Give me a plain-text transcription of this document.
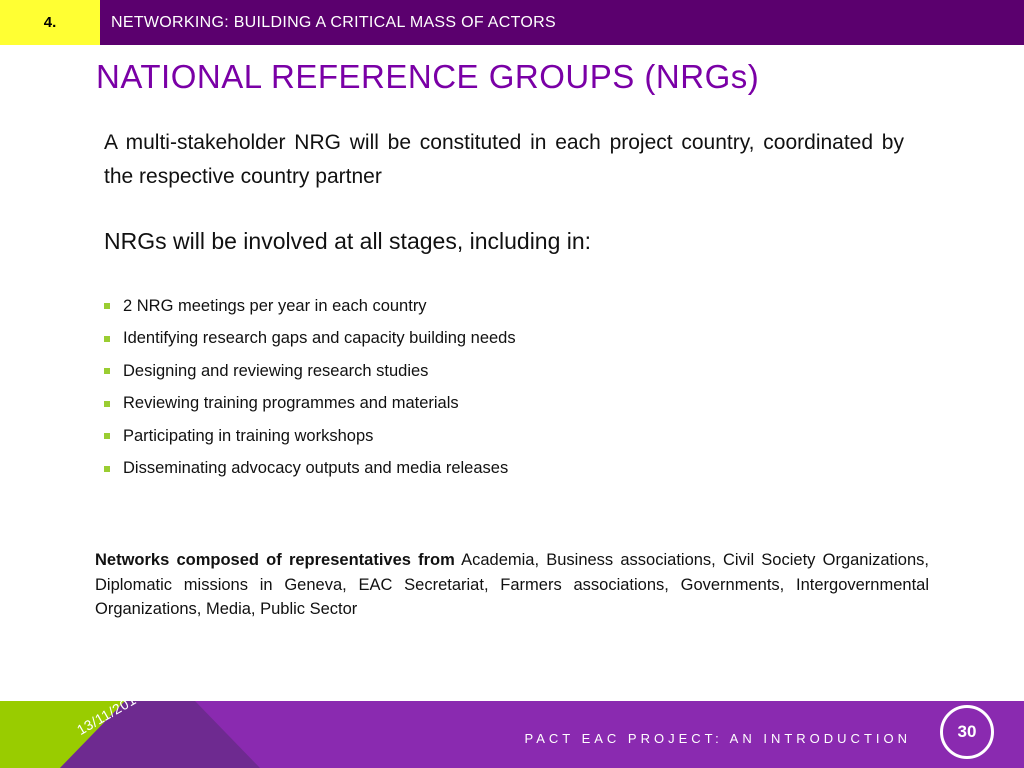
4.	NETWORKING: BUILDING A CRITICAL MASS OF ACTORS
NATIONAL REFERENCE GROUPS (NRGs)

A multi-stakeholder NRG will be constituted in each project country, coordinated by the respective country partner

NRGs will be involved at all stages, including in:

2 NRG meetings per year in each country
Identifying research gaps and capacity building needs
Designing and reviewing research studies
Reviewing training programmes and materials
Participating in training workshops
Disseminating advocacy outputs and media releases

Networks composed of representatives from Academia, Business associations, Civil Society Organizations, Diplomatic missions in Geneva, EAC Secretariat, Farmers associations, Governments, Intergovernmental Organizations, Media, Public Sector

13/11/2014
PACT EAC PROJECT: AN INTRODUCTION	30
